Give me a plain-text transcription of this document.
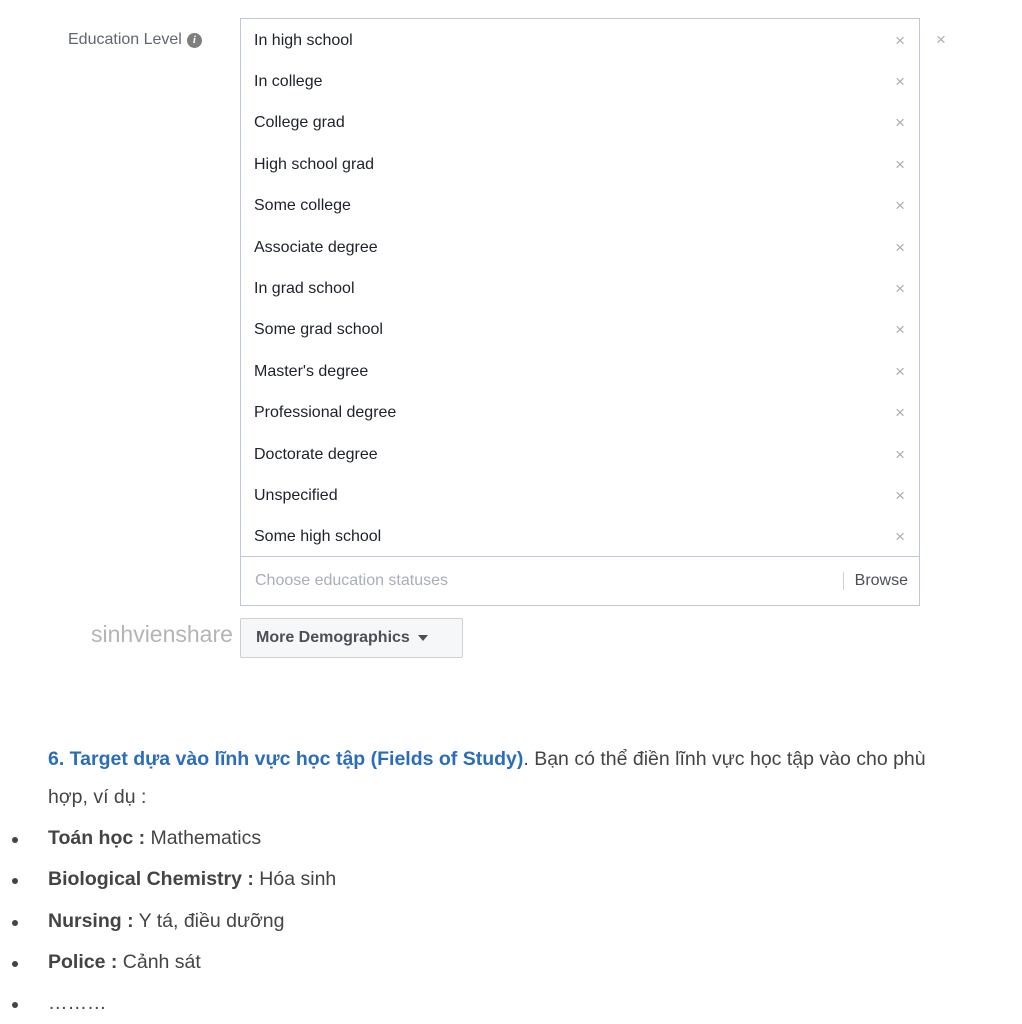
Education Level i	In high school	×
In college	×
College grad	×
High school grad	×
Some college	×
Associate degree	×
In grad school	×
Some grad school	×
Master's degree	×
Professional degree	×
Doctorate degree	×
Unspecified	×
Some high school	×
Choose education statuses
Browse
×
sinhvienshare More Demographics
6. Target dựa vào lĩnh vực học tập (Fields of Study). Bạn có thể điền lĩnh vực học tập vào cho phù hợp, ví dụ :
Toán học : Mathematics
Biological Chemistry : Hóa sinh
Nursing : Y tá, điều dưỡng
Police : Cảnh sát
………
